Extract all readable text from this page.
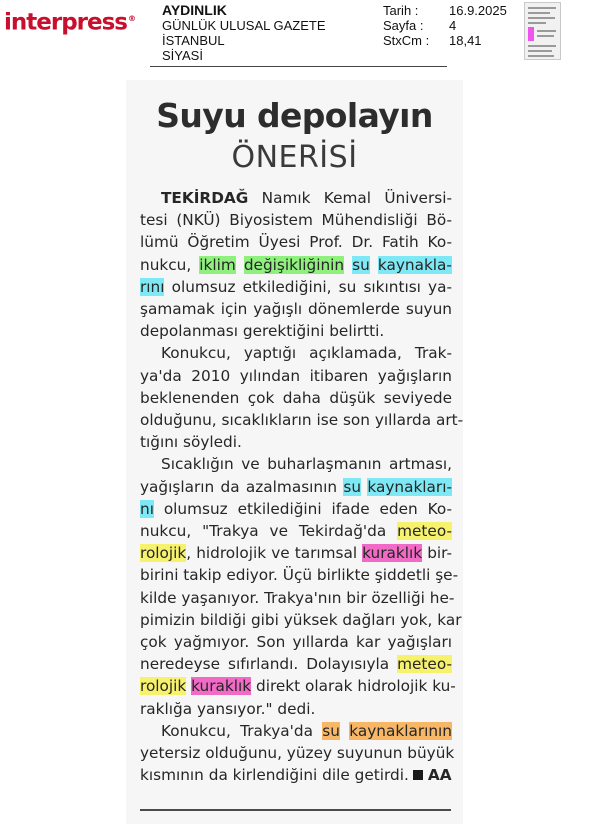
interpress®
AYDINLIK
GÜNLÜK ULUSAL GAZETE
İSTANBUL
SİYASİ
Tarih :	16.9.2025
Sayfa :	4
StxCm :	18,41
Suyu depolayın
ÖNERİSİ

TEKİRDAĞ Namık Kemal Üniversi-
tesi (NKÜ) Biyosistem Mühendisliği Bö-
lümü Öğretim Üyesi Prof. Dr. Fatih Ko-
nukcu, iklim değişikliğinin su kaynakla-
rını olumsuz etkilediğini, su sıkıntısı ya-
şamamak için yağışlı dönemlerde suyun
depolanması gerektiğini belirtti.

Konukcu, yaptığı açıklamada, Trak-
ya'da 2010 yılından itibaren yağışların
beklenenden çok daha düşük seviyede
olduğunu, sıcaklıkların ise son yıllarda art-
tığını söyledi.

Sıcaklığın ve buharlaşmanın artması,
yağışların da azalmasının su kaynakları-
nı olumsuz etkilediğini ifade eden Ko-
nukcu, "Trakya ve Tekirdağ'da meteo-
rolojik, hidrolojik ve tarımsal kuraklık bir-
birini takip ediyor. Üçü birlikte şiddetli şe-
kilde yaşanıyor. Trakya'nın bir özelliği he-
pimizin bildiği gibi yüksek dağları yok, kar
çok yağmıyor. Son yıllarda kar yağışları
neredeyse sıfırlandı. Dolayısıyla meteo-
rolojik kuraklık direkt olarak hidrolojik ku-
raklığa yansıyor." dedi.

Konukcu, Trakya'da su kaynaklarının
yetersiz olduğunu, yüzey suyunun büyük
kısmının da kirlendiğini dile getirdi. AA
